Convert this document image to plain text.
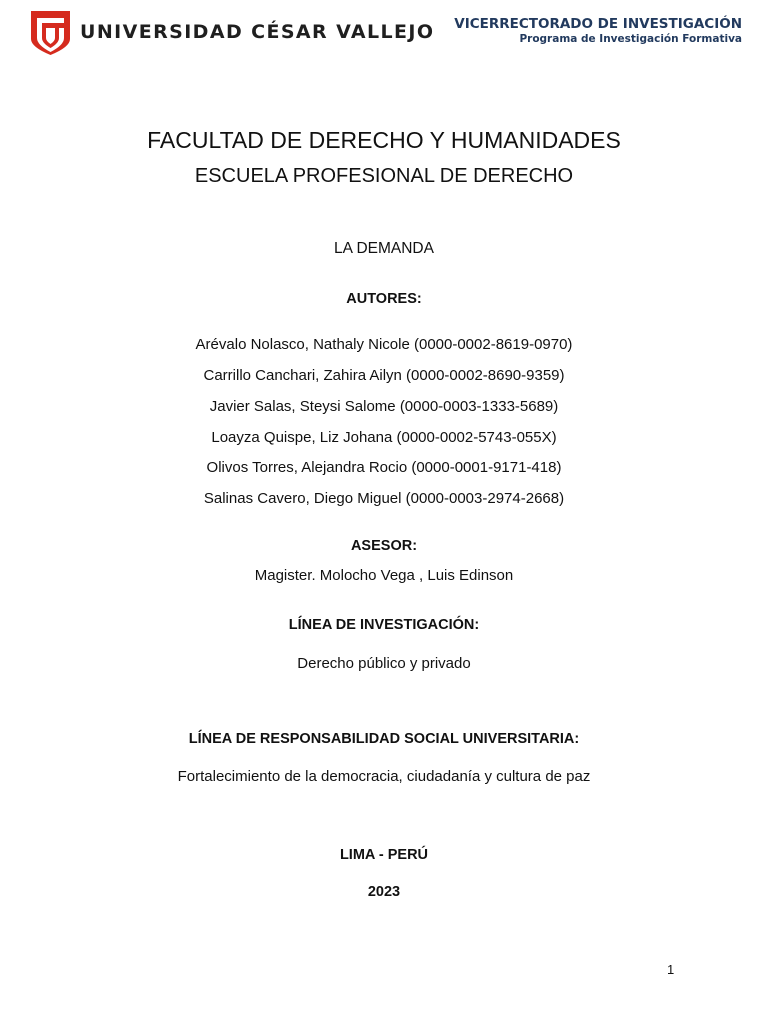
UNIVERSIDAD CÉSAR VALLEJO VICERRECTORADO DE INVESTIGACIÓN
Programa de Investigación Formativa
FACULTAD DE DERECHO Y HUMANIDADES
ESCUELA PROFESIONAL DE DERECHO
LA DEMANDA
AUTORES:
Arévalo Nolasco, Nathaly Nicole (0000-0002-8619-0970)
Carrillo Canchari, Zahira Ailyn (0000-0002-8690-9359)
Javier Salas, Steysi Salome (0000-0003-1333-5689)
Loayza Quispe, Liz Johana (0000-0002-5743-055X)
Olivos Torres, Alejandra Rocio (0000-0001-9171-418)
Salinas Cavero, Diego Miguel (0000-0003-2974-2668)
ASESOR:
Magister. Molocho Vega , Luis Edinson
LÍNEA DE INVESTIGACIÓN:
Derecho público y privado
LÍNEA DE RESPONSABILIDAD SOCIAL UNIVERSITARIA:
Fortalecimiento de la democracia, ciudadanía y cultura de paz
LIMA - PERÚ
2023
1
